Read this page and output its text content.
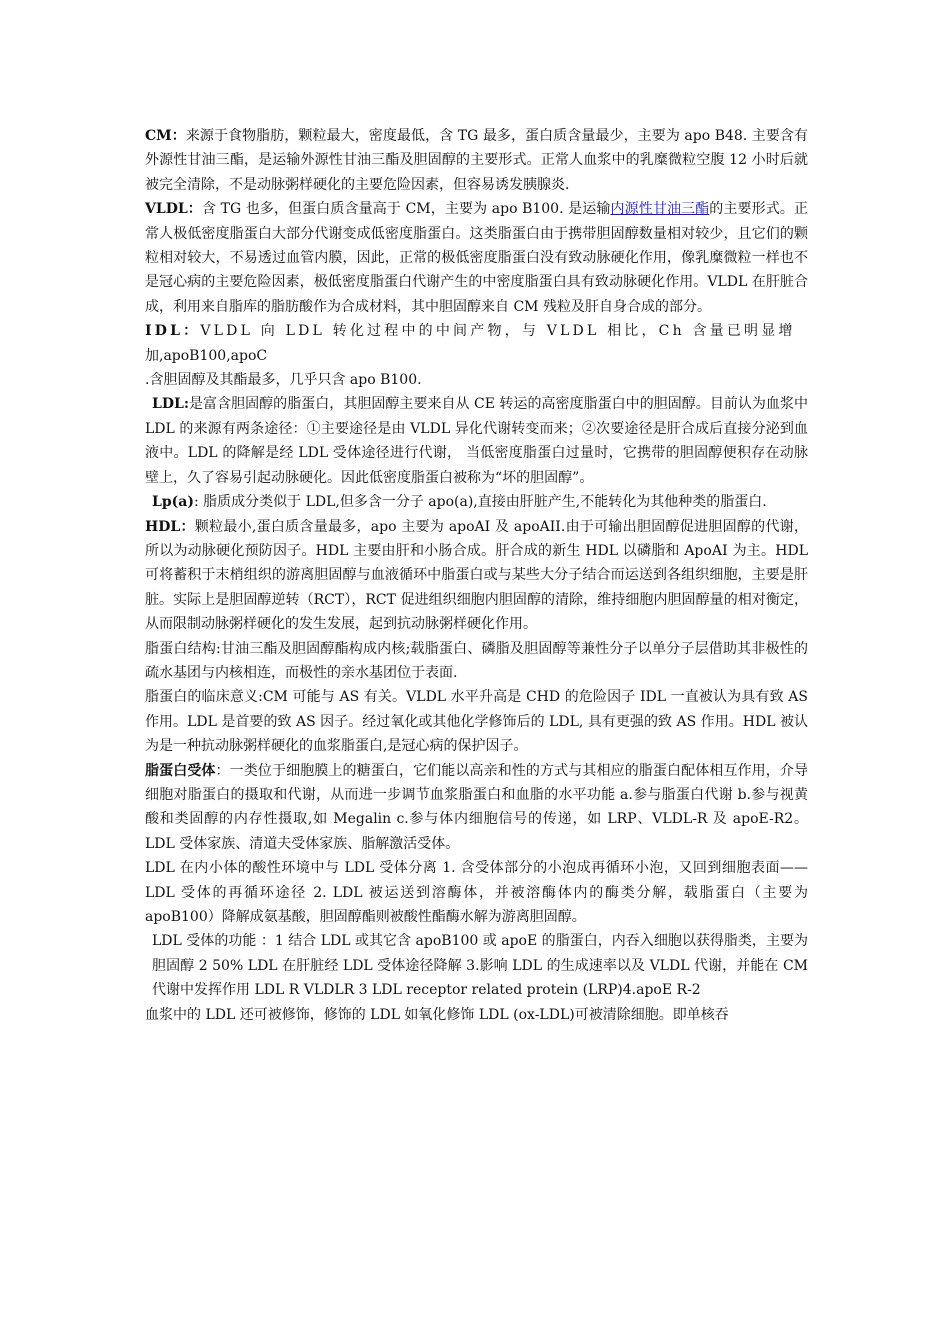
CM：来源于食物脂肪，颗粒最大，密度最低，含 TG 最多，蛋白质含量最少，主要为 apo B48. 主要含有外源性甘油三酯，是运输外源性甘油三酯及胆固醇的主要形式。正常人血浆中的乳糜微粒空腹 12 小时后就被完全清除，不是动脉粥样硬化的主要危险因素，但容易诱发胰腺炎.

VLDL：含 TG 也多，但蛋白质含量高于 CM，主要为 apo B100. 是运输内源性甘油三酯的主要形式。正常人极低密度脂蛋白大部分代谢变成低密度脂蛋白。这类脂蛋白由于携带胆固醇数量相对较少，且它们的颗粒相对较大，不易透过血管内膜，因此，正常的极低密度脂蛋白没有致动脉硬化作用，像乳糜微粒一样也不是冠心病的主要危险因素，极低密度脂蛋白代谢产生的中密度脂蛋白具有致动脉硬化作用。VLDL 在肝脏合成，利用来自脂库的脂肪酸作为合成材料，其中胆固醇来自 CM 残粒及肝自身合成的部分。

IDL：VLDL 向 LDL 转化过程中的中间产物，与 VLDL 相比，Ch 含量已明显增

加,apoB100,apoC

.含胆固醇及其酯最多，几乎只含 apo B100.

LDL:是富含胆固醇的脂蛋白，其胆固醇主要来自从 CE 转运的高密度脂蛋白中的胆固醇。目前认为血浆中 LDL 的来源有两条途径：①主要途径是由 VLDL 异化代谢转变而来；②次要途径是肝合成后直接分泌到血液中。LDL 的降解是经 LDL 受体途径进行代谢， 当低密度脂蛋白过量时，它携带的胆固醇便积存在动脉壁上，久了容易引起动脉硬化。因此低密度脂蛋白被称为“坏的胆固醇”。

Lp(a): 脂质成分类似于 LDL,但多含一分子 apo(a),直接由肝脏产生,不能转化为其他种类的脂蛋白.

HDL：颗粒最小,蛋白质含量最多，apo 主要为 apoAI 及 apoAII.由于可输出胆固醇促进胆固醇的代谢，所以为动脉硬化预防因子。HDL 主要由肝和小肠合成。肝合成的新生 HDL 以磷脂和 ApoAⅠ 为主。HDL 可将蓄积于末梢组织的游离胆固醇与血液循环中脂蛋白或与某些大分子结合而运送到各组织细胞，主要是肝脏。实际上是胆固醇逆转（RCT），RCT 促进组织细胞内胆固醇的清除，维持细胞内胆固醇量的相对衡定，从而限制动脉粥样硬化的发生发展，起到抗动脉粥样硬化作用。

脂蛋白结构:甘油三酯及胆固醇酯构成内核;载脂蛋白、磷脂及胆固醇等兼性分子以单分子层借助其非极性的疏水基团与内核相连，而极性的亲水基团位于表面.

脂蛋白的临床意义:CM 可能与 AS 有关。VLDL 水平升高是 CHD 的危险因子 IDL 一直被认为具有致 AS 作用。LDL 是首要的致 AS 因子。经过氧化或其他化学修饰后的 LDL, 具有更强的致 AS 作用。HDL 被认为是一种抗动脉粥样硬化的血浆脂蛋白,是冠心病的保护因子。

脂蛋白受体：一类位于细胞膜上的糖蛋白，它们能以高亲和性的方式与其相应的脂蛋白配体相互作用，介导细胞对脂蛋白的摄取和代谢，从而进一步调节血浆脂蛋白和血脂的水平功能 a.参与脂蛋白代谢 b.参与视黄酸和类固醇的内存性摄取,如 Megalin c.参与体内细胞信号的传递，如 LRP、VLDL-R 及 apoE-R2。LDL 受体家族、清道夫受体家族、脂解激活受体。

LDL 在内小体的酸性环境中与 LDL 受体分离 1. 含受体部分的小泡成再循环小泡，又回到细胞表面—— LDL 受体的再循环途径 2. LDL 被运送到溶酶体，并被溶酶体内的酶类分解，载脂蛋白（主要为 apoB100）降解成氨基酸，胆固醇酯则被酸性酯酶水解为游离胆固醇。

LDL 受体的功能 ：1 结合 LDL 或其它含 apoB100 或 apoE 的脂蛋白，内吞入细胞以获得脂类，主要为胆固醇 2 50% LDL 在肝脏经 LDL 受体途径降解 3.影响 LDL 的生成速率以及 VLDL 代谢，并能在 CM 代谢中发挥作用 LDL R VLDLR 3 LDL receptor related protein (LRP)4.apoE R-2

血浆中的 LDL 还可被修饰，修饰的 LDL 如氧化修饰 LDL (ox-LDL)可被清除细胞。即单核吞
